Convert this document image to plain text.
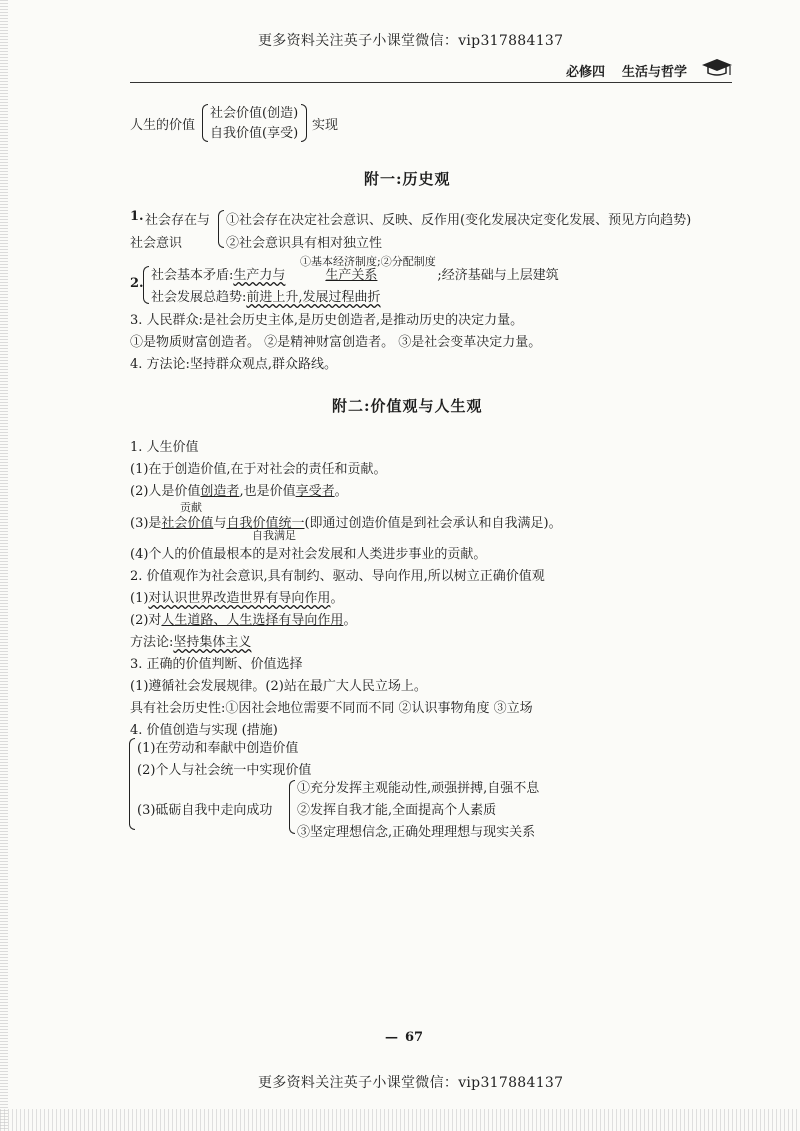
更多资料关注英子小课堂微信：vip317884137
必修四 生活与哲学
人生的价值
社会价值(创造)
自我价值(享受)
实现
附一:历史观
1. 社会存在与
社会意识
①社会存在决定社会意识、反映、反作用(变化发展决定变化发展、预见方向趋势)
②社会意识具有相对独立性
①基本经济制度;②分配制度
2.
社会基本矛盾:生产力与	生产关系	;经济基础与上层建筑
社会发展总趋势:前进上升,发展过程曲折
3. 人民群众:是社会历史主体,是历史创造者,是推动历史的决定力量。
①是物质财富创造者。 ②是精神财富创造者。 ③是社会变革决定力量。
4. 方法论:坚持群众观点,群众路线。
附二:价值观与人生观
1. 人生价值
(1)在于创造价值,在于对社会的责任和贡献。
(2)人是价值创造者,也是价值享受者。
贡献
(3)是社会价值与自我价值统一(即通过创造价值是到社会承认和自我满足)。
自我满足
(4)个人的价值最根本的是对社会发展和人类进步事业的贡献。
2. 价值观作为社会意识,具有制约、驱动、导向作用,所以树立正确价值观
(1)对认识世界改造世界有导向作用。
(2)对人生道路、人生选择有导向作用。
方法论:坚持集体主义
3. 正确的价值判断、价值选择
(1)遵循社会发展规律。(2)站在最广大人民立场上。
具有社会历史性:①因社会地位需要不同而不同 ②认识事物角度 ③立场
4. 价值创造与实现 (措施)
(1)在劳动和奉献中创造价值
(2)个人与社会统一中实现价值
(3)砥砺自我中走向成功
①充分发挥主观能动性,顽强拼搏,自强不息
②发挥自我才能,全面提高个人素质
③坚定理想信念,正确处理理想与现实关系
— 67
更多资料关注英子小课堂微信：vip317884137
